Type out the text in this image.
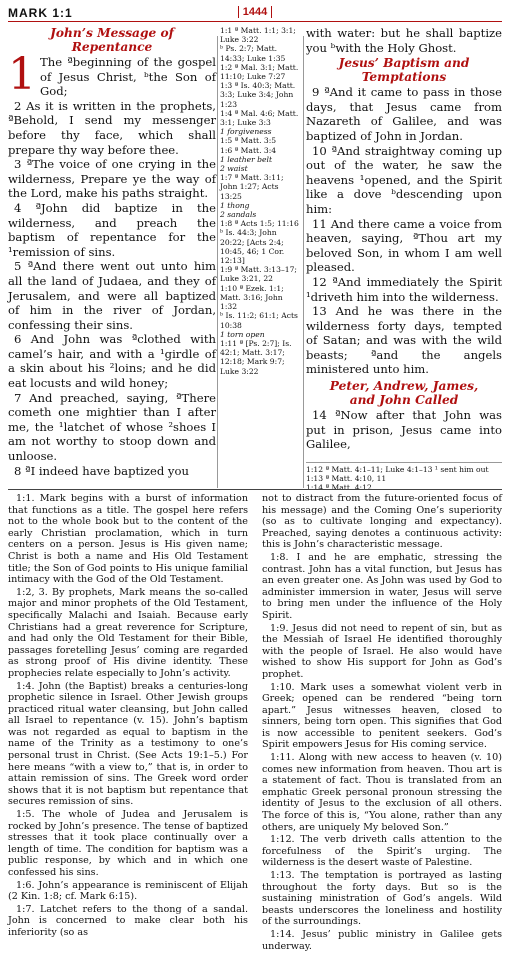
MARK 1:1	1444
John’s Message of Repentance

1 The ªbeginning of the gospel of Jesus Christ, ᵇthe Son of God;

2 As it is written in the prophets, ªBehold, I send my messenger before thy face, which shall prepare thy way before thee.

3 ªThe voice of one crying in the wilderness, Prepare ye the way of the Lord, make his paths straight.

4 ªJohn did baptize in the wilderness, and preach the baptism of repentance for the ¹remission of sins.

5 ªAnd there went out unto him all the land of Judaea, and they of Jerusalem, and were all baptized of him in the river of Jordan, confessing their sins.

6 And John was ªclothed with camel’s hair, and with a ¹girdle of a skin about his ²loins; and he did eat locusts and wild honey;

7 And preached, saying, ªThere cometh one mightier than I after me, the ¹latchet of whose ²shoes I am not worthy to stoop down and unloose.

8 ªI indeed have baptized you

1:1 ª Matt. 1:1; 3:1; Luke 3:22
ᵇ Ps. 2:7; Matt. 14:33; Luke 1:35
1:2 ª Mal. 3:1; Matt. 11:10; Luke 7:27
1:3 ª Is. 40:3; Matt. 3:3; Luke 3:4; John 1:23
1:4 ª Mal. 4:6; Matt. 3:1; Luke 3:3
1 forgiveness
1:5 ª Matt. 3:5
1:6 ª Matt. 3:4
1 leather belt
2 waist
1:7 ª Matt. 3:11; John 1:27; Acts 13:25
1 thong
2 sandals
1:8 ª Acts 1:5; 11:16
ᵇ Is. 44:3; John 20:22; [Acts 2:4; 10:45, 46; 1 Cor. 12:13]
1:9 ª Matt. 3:13–17; Luke 3:21, 22
1:10 ª Ezek. 1:1; Matt. 3:16; John 1:32
ᵇ Is. 11:2; 61:1; Acts 10:38
1 torn open
1:11 ª [Ps. 2:7]; Is. 42:1; Matt. 3:17; 12:18; Mark 9:7; Luke 3:22

with water: but he shall baptize you ᵇwith the Holy Ghost.

Jesus’ Baptism and Temptations

9 ªAnd it came to pass in those days, that Jesus came from Nazareth of Galilee, and was baptized of John in Jordan.

10 ªAnd straightway coming up out of the water, he saw the heavens ¹opened, and the Spirit like a dove ᵇdescending upon him:

11 And there came a voice from heaven, saying, ªThou art my beloved Son, in whom I am well pleased.

12 ªAnd immediately the Spirit ¹driveth him into the wilderness.

13 And he was there in the wilderness forty days, tempted of Satan; and was with the wild beasts; ªand the angels ministered unto him.

Peter, Andrew, James,
and John Called

14 ªNow after that John was put in prison, Jesus came into Galilee,

1:12 ª Matt. 4:1–11; Luke 4:1–13 ¹ sent him out
1:13 ª Matt. 4:10, 11
1:14 ª Matt. 4:12

1:1. Mark begins with a burst of information that functions as a title. The gospel here refers not to the whole book but to the content of the early Christian proclamation, which in turn centers on a person. Jesus is His given name; Christ is both a name and His Old Testament title; the Son of God points to His unique familial intimacy with the God of the Old Testament.

1:2, 3. By prophets, Mark means the so-called major and minor prophets of the Old Testament, specifically Malachi and Isaiah. Because early Christians had a great reverence for Scripture, and had only the Old Testament for their Bible, passages foretelling Jesus’ coming are regarded as strong proof of His divine identity. These prophecies relate especially to John’s activity.

1:4. John (the Baptist) breaks a centuries-long prophetic silence in Israel. Other Jewish groups practiced ritual water cleansing, but John called all Israel to repentance (v. 15). John’s baptism was not regarded as equal to baptism in the name of the Trinity as a testimony to one’s personal trust in Christ. (See Acts 19:1–5.) For here means “with a view to,” that is, in order to attain remission of sins. The Greek word order shows that it is not baptism but repentance that secures remission of sins.

1:5. The whole of Judea and Jerusalem is rocked by John’s presence. The tense of baptized stresses that it took place continually over a length of time. The condition for baptism was a public response, by which and in which one confessed his sins.

1:6. John’s appearance is reminiscent of Elijah (2 Kin. 1:8; cf. Mark 6:15).

1:7. Latchet refers to the thong of a sandal. John is concerned to make clear both his inferiority (so as

not to distract from the future-oriented focus of his message) and the Coming One’s superiority (so as to cultivate longing and expectancy). Preached, saying denotes a continuous activity: this is John’s characteristic message.

1:8. I and he are emphatic, stressing the contrast. John has a vital function, but Jesus has an even greater one. As John was used by God to administer immersion in water, Jesus will serve to bring men under the influence of the Holy Spirit.

1:9. Jesus did not need to repent of sin, but as the Messiah of Israel He identified thoroughly with the people of Israel. He also would have wished to show His support for John as God’s prophet.

1:10. Mark uses a somewhat violent verb in Greek; opened can be rendered “being torn apart.” Jesus witnesses heaven, closed to sinners, being torn open. This signifies that God is now accessible to penitent seekers. God’s Spirit empowers Jesus for His coming service.

1:11. Along with new access to heaven (v. 10) comes new information from heaven. Thou art is a statement of fact. Thou is translated from an emphatic Greek personal pronoun stressing the identity of Jesus to the exclusion of all others. The force of this is, “You alone, rather than any others, are uniquely My beloved Son.”

1:12. The verb driveth calls attention to the forcefulness of the Spirit’s urging. The wilderness is the desert waste of Palestine.

1:13. The temptation is portrayed as lasting throughout the forty days. But so is the sustaining ministration of God’s angels. Wild beasts underscores the loneliness and hostility of the surroundings.

1:14. Jesus’ public ministry in Galilee gets underway.
